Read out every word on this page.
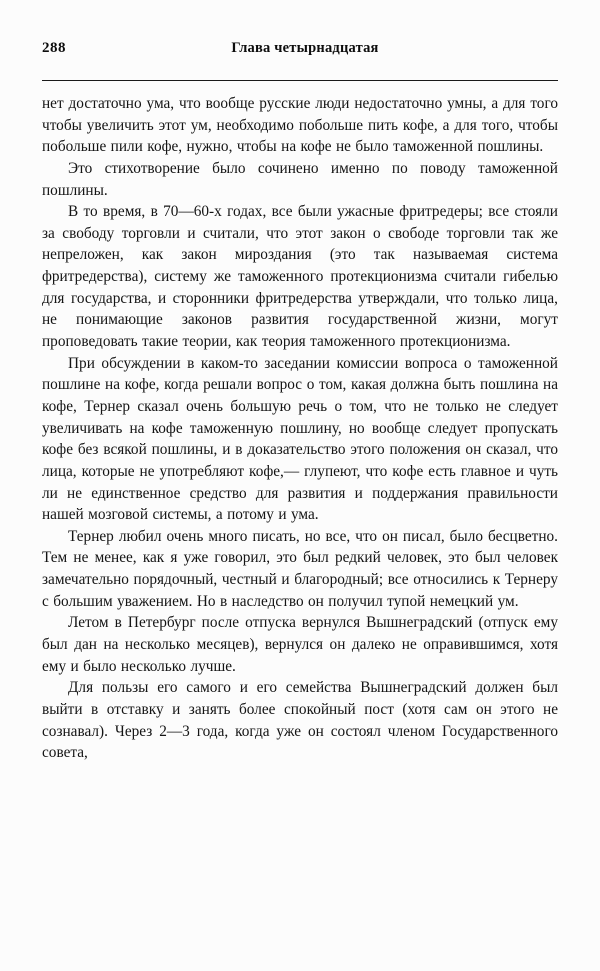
288	Глава четырнадцатая

нет достаточно ума, что вообще русские люди недостаточно умны, а для того чтобы увеличить этот ум, необходимо побольше пить кофе, а для того, чтобы побольше пили кофе, нужно, чтобы на кофе не было таможенной пошлины.

Это стихотворение было сочинено именно по поводу таможенной пошлины.

В то время, в 70—60-х годах, все были ужасные фритредеры; все стояли за свободу торговли и считали, что этот закон о свободе торговли так же непреложен, как закон мироздания (это так называемая система фритредерства), систему же таможенного протекционизма считали гибелью для государства, и сторонники фритредерства утверждали, что только лица, не понимающие законов развития государственной жизни, могут проповедовать такие теории, как теория таможенного протекционизма.

При обсуждении в каком-то заседании комиссии вопроса о таможенной пошлине на кофе, когда решали вопрос о том, какая должна быть пошлина на кофе, Тернер сказал очень большую речь о том, что не только не следует увеличивать на кофе таможенную пошлину, но вообще следует пропускать кофе без всякой пошлины, и в доказательство этого положения он сказал, что лица, которые не употребляют кофе,— глупеют, что кофе есть главное и чуть ли не единственное средство для развития и поддержания правильности нашей мозговой системы, а потому и ума.

Тернер любил очень много писать, но все, что он писал, было бесцветно. Тем не менее, как я уже говорил, это был редкий человек, это был человек замечательно порядочный, честный и благородный; все относились к Тернеру с большим уважением. Но в наследство он получил тупой немецкий ум.

Летом в Петербург после отпуска вернулся Вышнеградский (отпуск ему был дан на несколько месяцев), вернулся он далеко не оправившимся, хотя ему и было несколько лучше.

Для пользы его самого и его семейства Вышнеградский должен был выйти в отставку и занять более спокойный пост (хотя сам он этого не сознавал). Через 2—3 года, когда уже он состоял членом Государственного совета,
